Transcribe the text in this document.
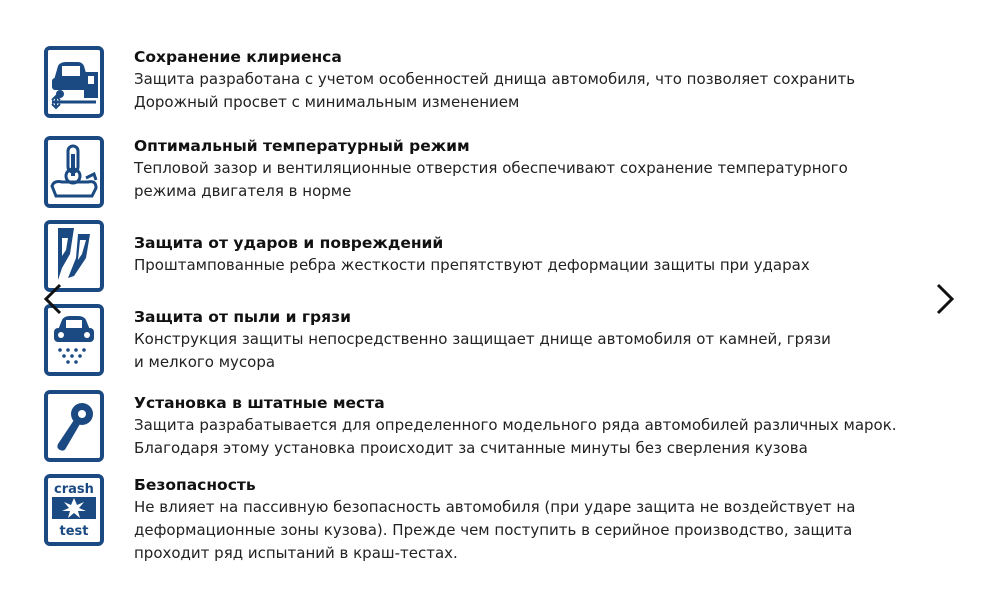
Сохранение клириенса
Защита разработана с учетом особенностей днища автомобиля, что позволяет сохранить
Дорожный просвет с минимальным изменением
Оптимальный температурный режим
Тепловой зазор и вентиляционные отверстия обеспечивают сохранение температурного
режима двигателя в норме
Защита от ударов и повреждений
Проштампованные ребра жесткости препятствуют деформации защиты при ударах
Защита от пыли и грязи
Конструкция защиты непосредственно защищает днище автомобиля от камней, грязи
и мелкого мусора
Установка в штатные места
Защита разрабатывается для определенного модельного ряда автомобилей различных марок.
Благодаря этому установка происходит за считанные минуты без сверления кузова
crash
test
Безопасность
Не влияет на пассивную безопасность автомобиля (при ударе защита не воздействует на
деформационные зоны кузова). Прежде чем поступить в серийное производство, защита
проходит ряд испытаний в краш-тестах.
